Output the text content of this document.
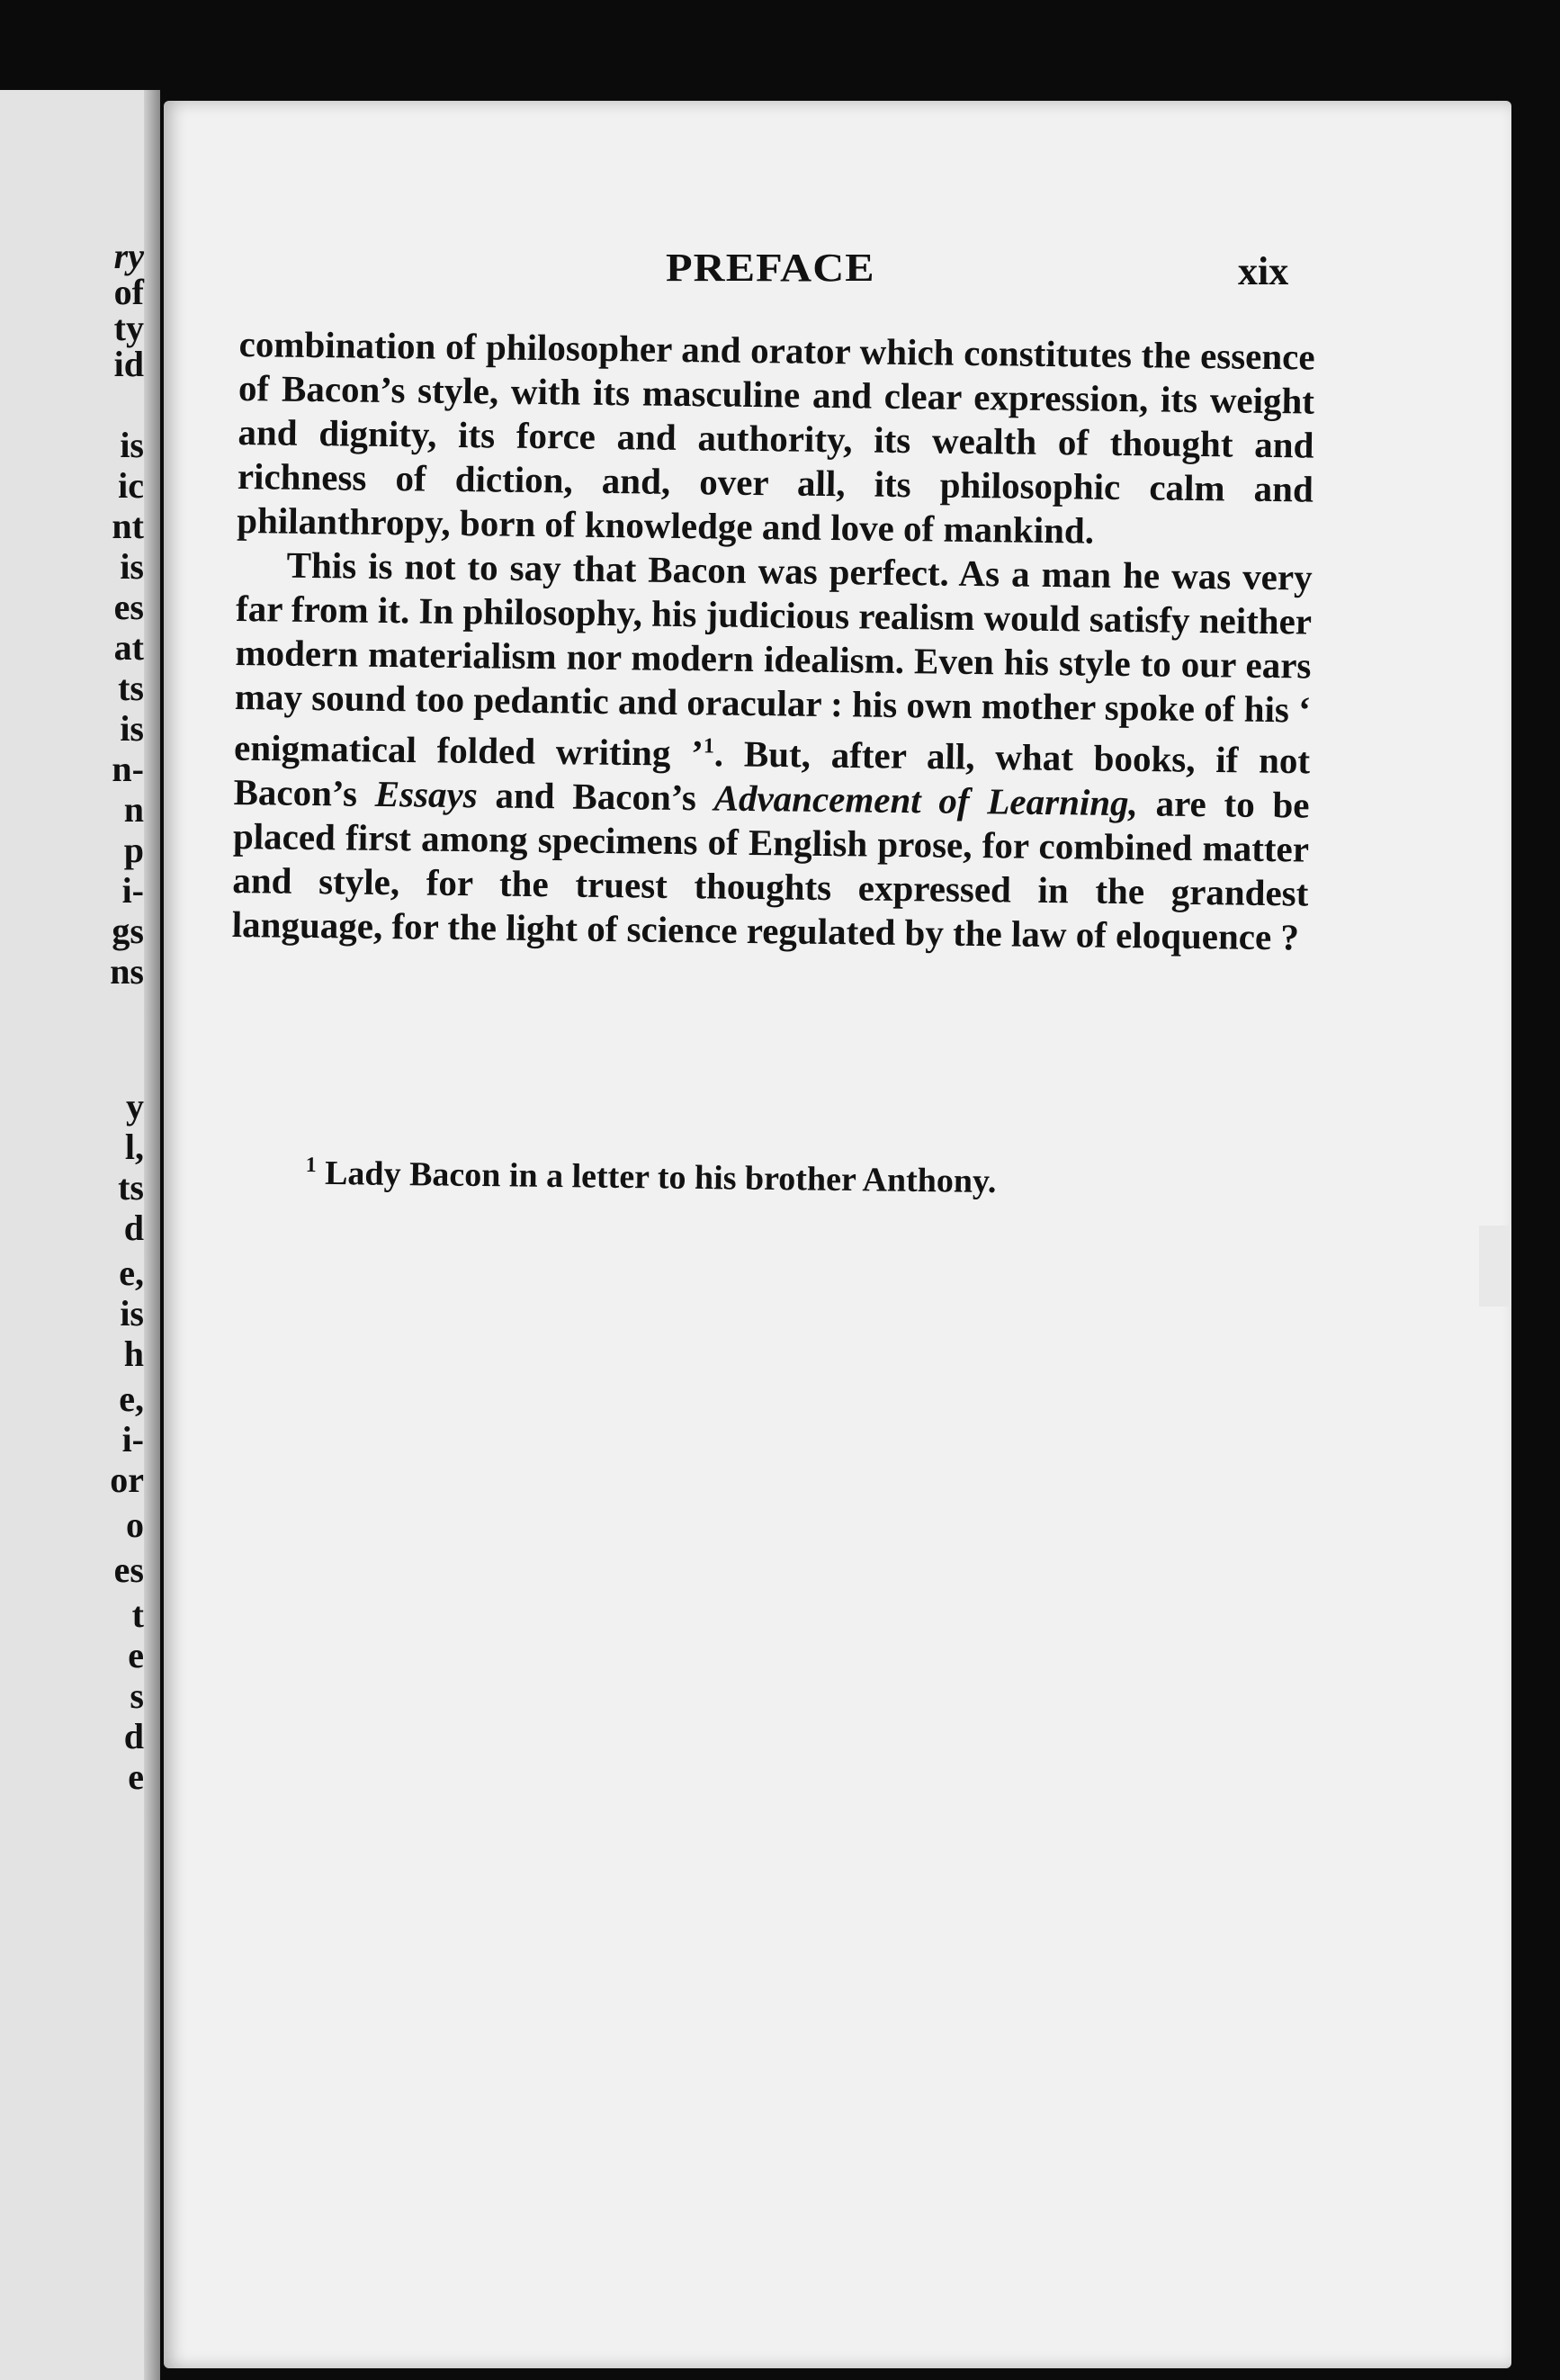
ry
of
ty
id
is
ic
nt
is
es
at
ts
is
n-
n
p
i-
gs
ns
y
l,
ts
d
e,
is
h
e,
i-
or
o
es
t
e
s
d
e
PREFACE	xix

combination of philosopher and orator which constitutes the essence of Bacon’s style, with its masculine and clear expression, its weight and dignity, its force and authority, its wealth of thought and richness of diction, and, over all, its philosophic calm and philanthropy, born of knowledge and love of mankind.

This is not to say that Bacon was perfect. As a man he was very far from it. In philosophy, his judicious realism would satisfy neither modern materialism nor modern idealism. Even his style to our ears may sound too pedantic and oracular : his own mother spoke of his ‘ enigmatical folded writing ’$^1$. But, after all, what books, if not Bacon’s Essays and Bacon’s Advancement of Learning, are to be placed first among specimens of English prose, for combined matter and style, for the truest thoughts expressed in the grandest language, for the light of science regulated by the law of eloquence ?

$^1$ Lady Bacon in a letter to his brother Anthony.
